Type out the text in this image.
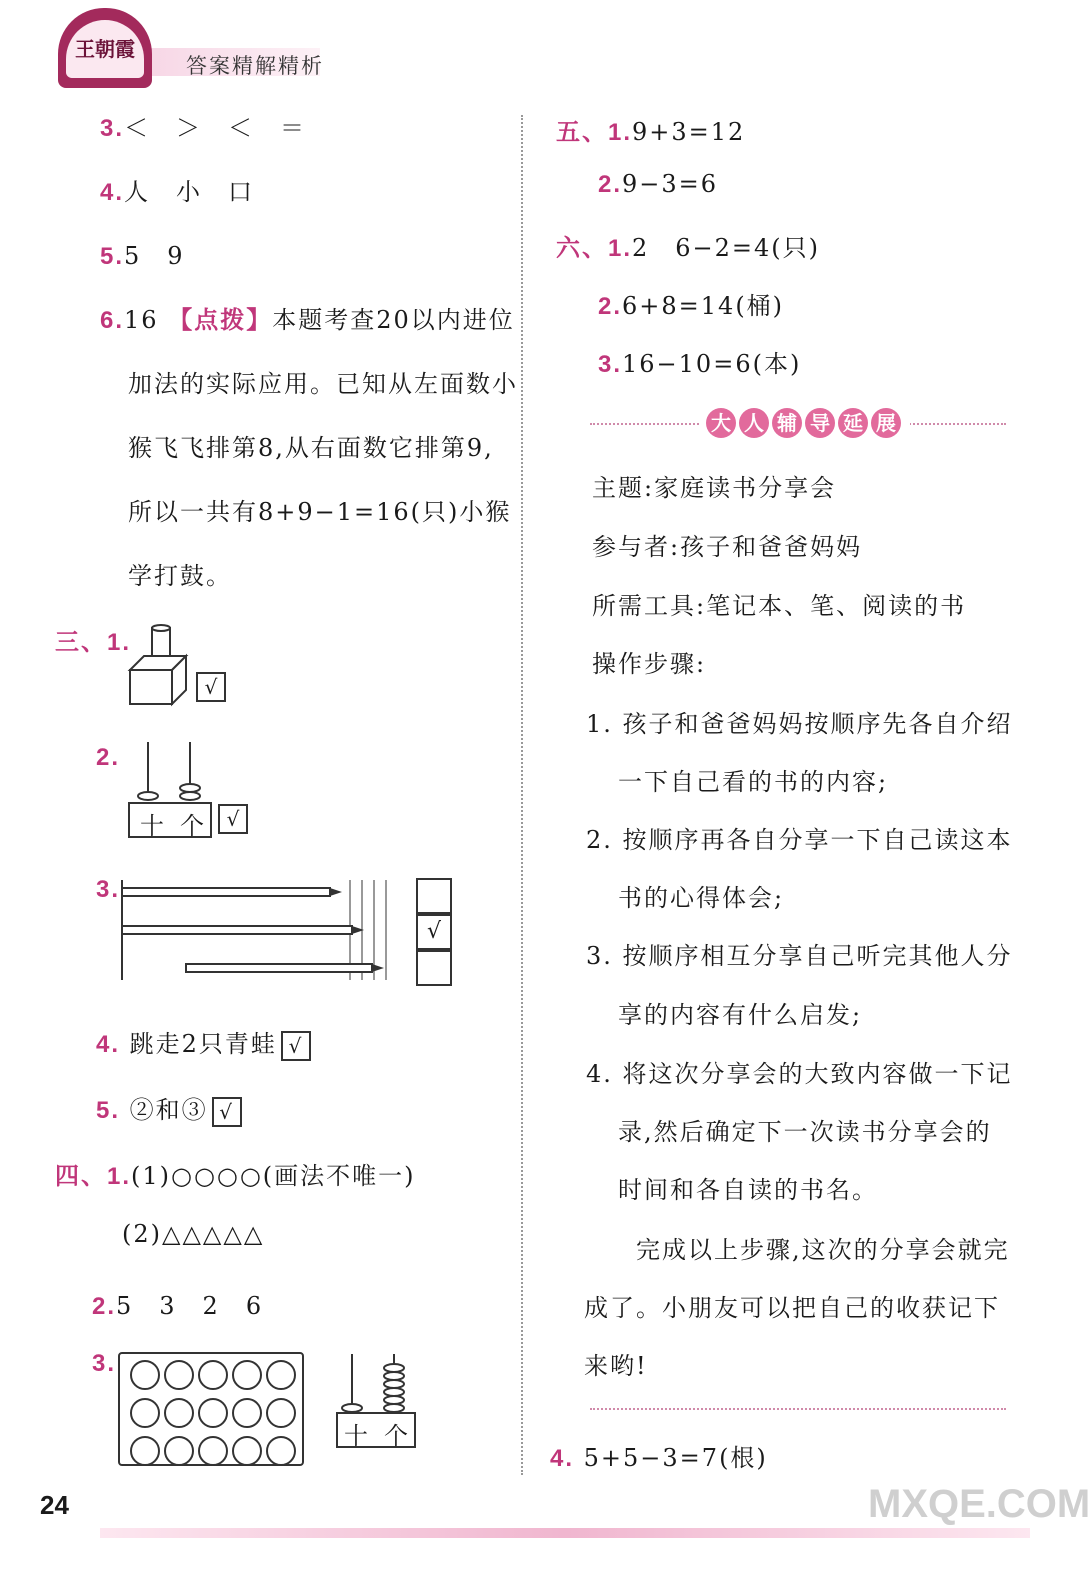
王朝霞
答案精解精析
3.＜　＞　＜　＝
4.人　小　口
5.5　9
6.16 【点拨】本题考查20以内进位
加法的实际应用。已知从左面数小
猴飞飞排第8,从右面数它排第9,
所以一共有8+9−1=16(只)小猴
学打鼓。
三、1.
√
2.
十 个	√
3.
√
4. 跳走2只青蛙 √
5. ②和③ √
四、1.(1)○○○○(画法不唯一)
(2)△△△△△
2.5　3　2　6
3.
十 个
24
五、1.9+3=12
2.9−3=6
六、1.2　6−2=4(只)
2.6+8=14(桶)
3.16−10=6(本)
大 人 辅 导 延 展
主题:家庭读书分享会
参与者:孩子和爸爸妈妈
所需工具:笔记本、笔、阅读的书
操作步骤:
1. 孩子和爸爸妈妈按顺序先各自介绍
一下自己看的书的内容;
2. 按顺序再各自分享一下自己读这本
书的心得体会;
3. 按顺序相互分享自己听完其他人分
享的内容有什么启发;
4. 将这次分享会的大致内容做一下记
录,然后确定下一次读书分享会的
时间和各自读的书名。
完成以上步骤,这次的分享会就完
成了。小朋友可以把自己的收获记下
来哟!
4. 5+5−3=7(根)
MXQE.COM
